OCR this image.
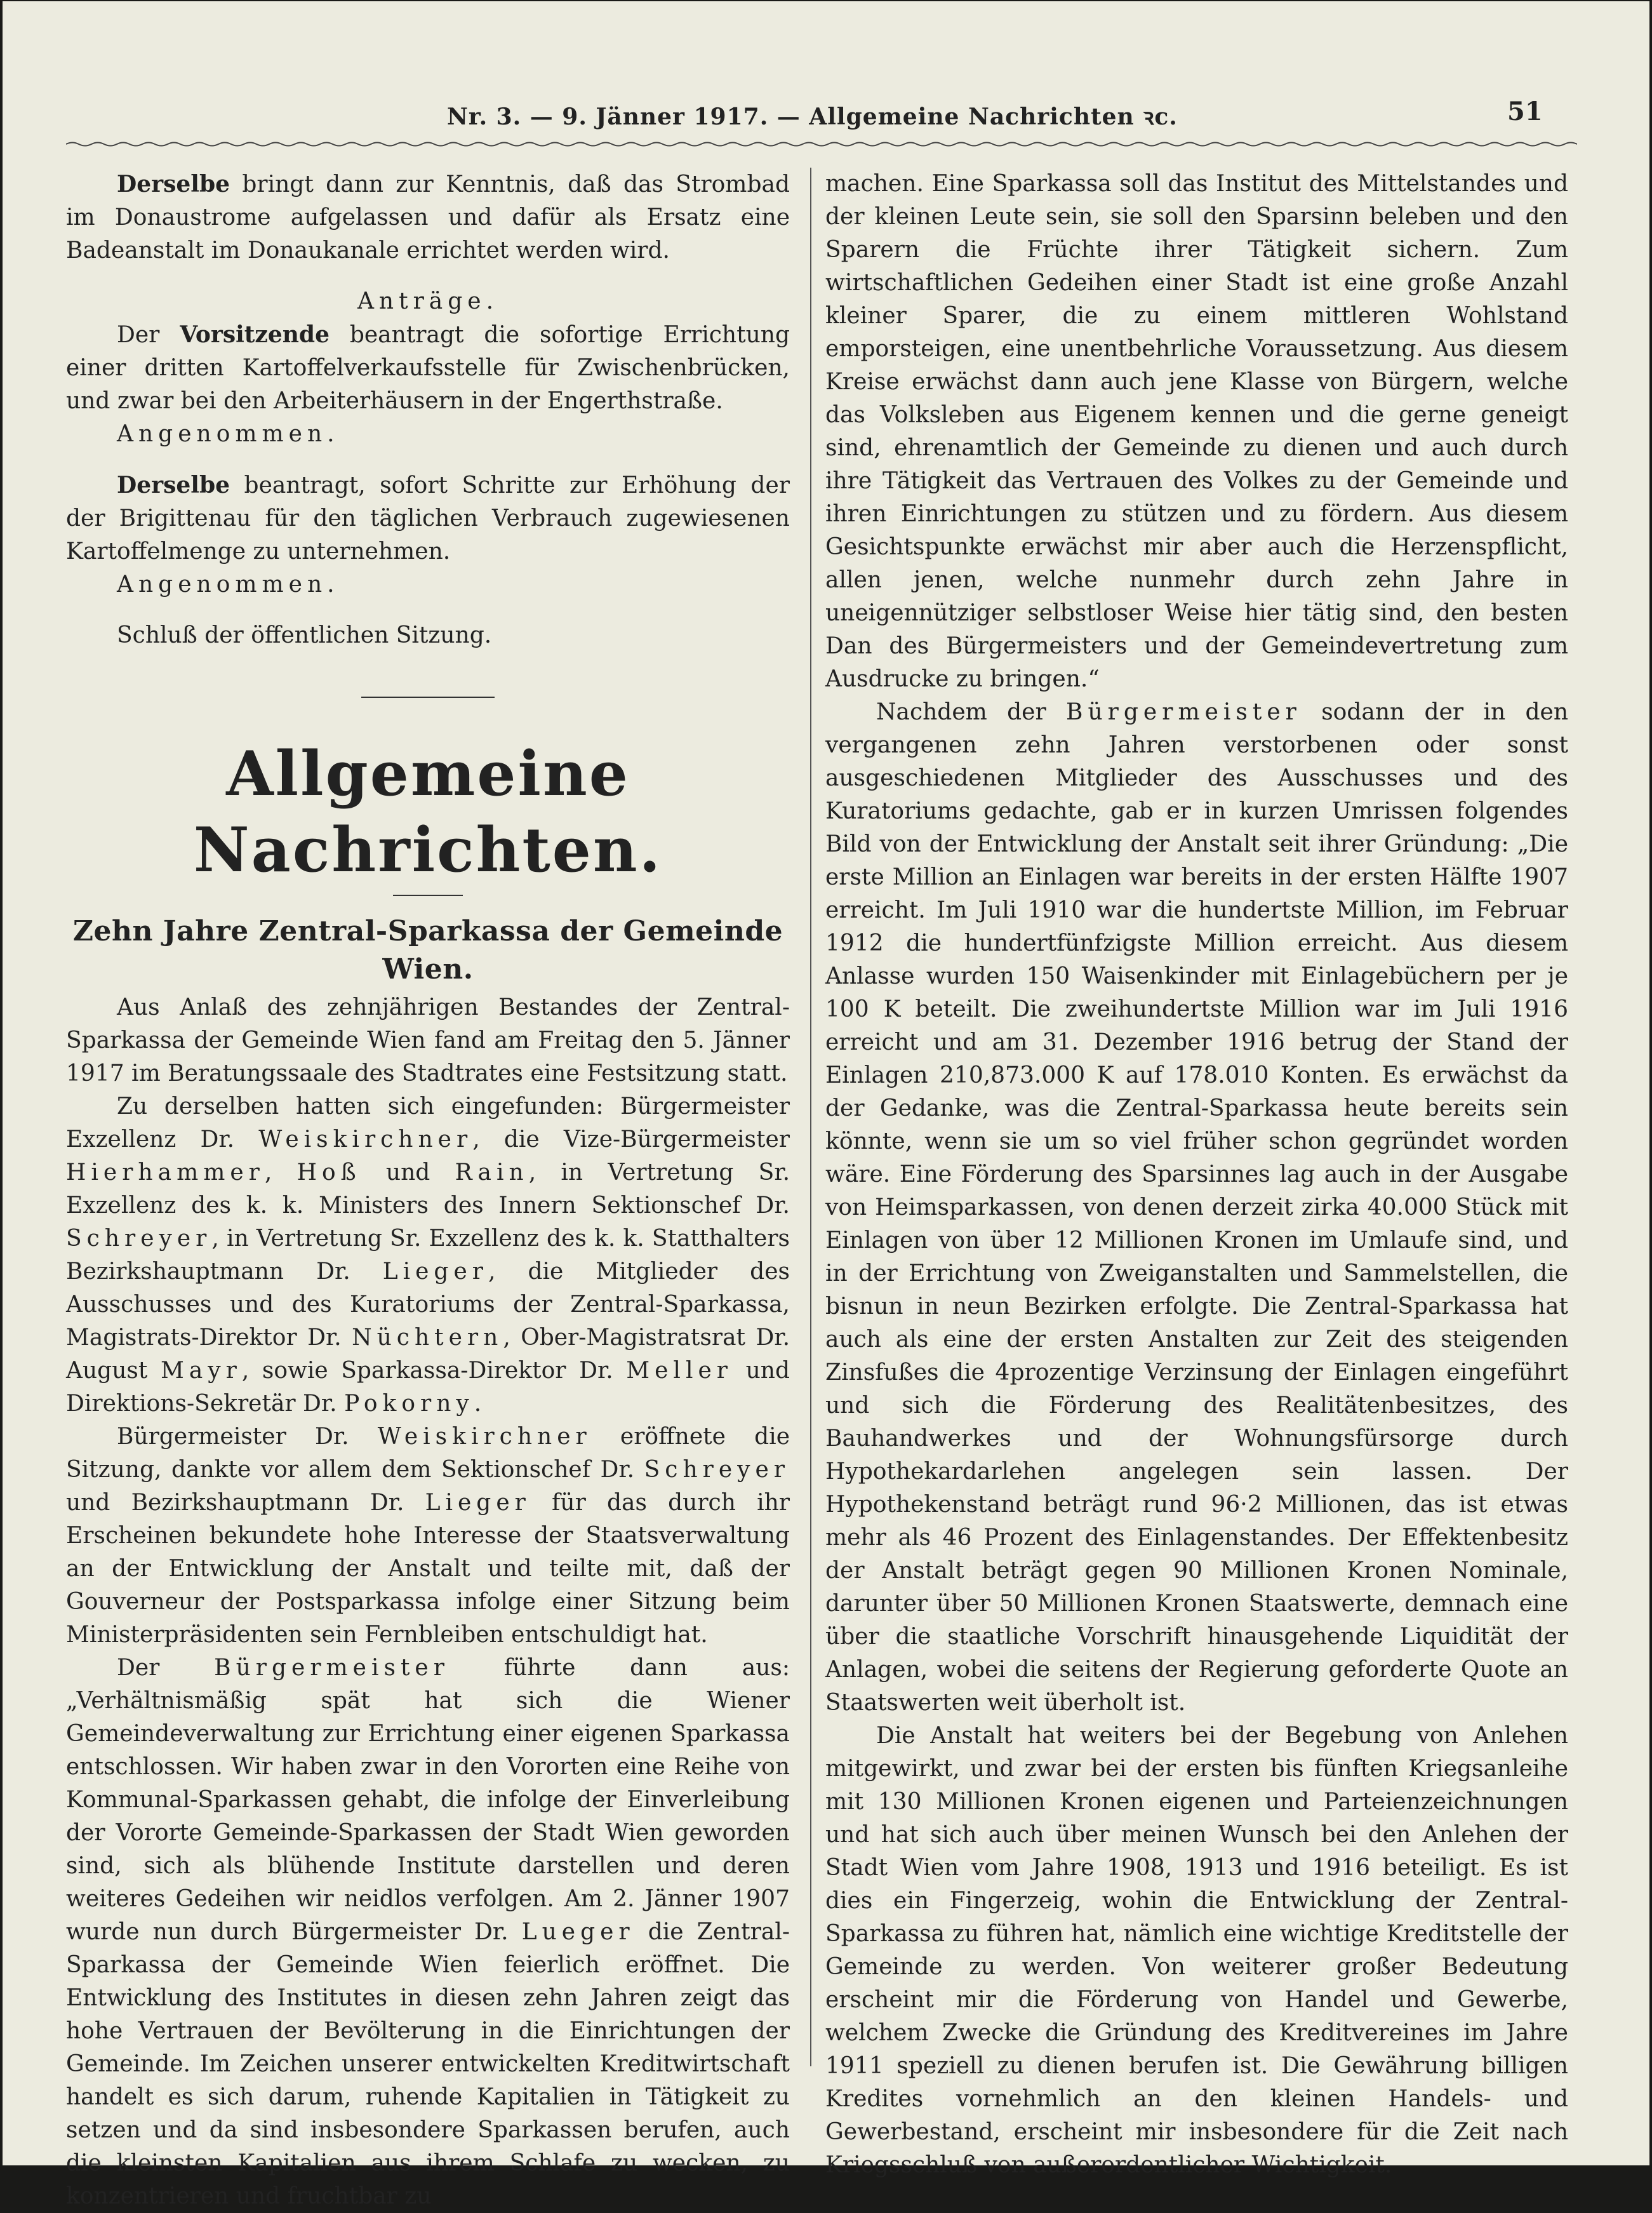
Nr. 3. — 9. Jänner 1917. — Allgemeine Nachrichten ꝛc.	51

Derselbe bringt dann zur Kenntnis, daß das Strombad im Donaustrome aufgelassen und dafür als Ersatz eine Badeanstalt im Donaukanale errichtet werden wird.

Anträge.

Der Vorsitzende beantragt die sofortige Errichtung einer dritten Kartoffelverkaufsstelle für Zwischenbrücken, und zwar bei den Arbeiterhäusern in der Engerthstraße.

Angenommen.

Derselbe beantragt, sofort Schritte zur Erhöhung der der Brigittenau für den täglichen Verbrauch zugewiesenen Kartoffelmenge zu unternehmen.

Angenommen.

Schluß der öffentlichen Sitzung.

Allgemeine Nachrichten.
Zehn Jahre Zentral-Sparkassa der Gemeinde Wien.

Aus Anlaß des zehnjährigen Bestandes der Zentral-Sparkassa der Gemeinde Wien fand am Freitag den 5. Jänner 1917 im Beratungssaale des Stadtrates eine Festsitzung statt.

Zu derselben hatten sich eingefunden: Bürgermeister Exzellenz Dr. Weiskirchner, die Vize-Bürgermeister Hierhammer, Hoß und Rain, in Vertretung Sr. Exzellenz des k. k. Ministers des Innern Sektionschef Dr. Schreyer, in Vertretung Sr. Exzellenz des k. k. Statthalters Bezirkshauptmann Dr. Lieger, die Mitglieder des Ausschusses und des Kuratoriums der Zentral-Sparkassa, Magistrats-Direktor Dr. Nüchtern, Ober-Magistratsrat Dr. August Mayr, sowie Sparkassa-Direktor Dr. Meller und Direktions-Sekretär Dr. Pokorny.

Bürgermeister Dr. Weiskirchner eröffnete die Sitzung, dankte vor allem dem Sektionschef Dr. Schreyer und Bezirkshauptmann Dr. Lieger für das durch ihr Erscheinen bekundete hohe Interesse der Staatsverwaltung an der Entwicklung der Anstalt und teilte mit, daß der Gouverneur der Postsparkassa infolge einer Sitzung beim Ministerpräsidenten sein Fernbleiben entschuldigt hat.

Der Bürgermeister führte dann aus: „Verhältnismäßig spät hat sich die Wiener Gemeindeverwaltung zur Errichtung einer eigenen Sparkassa entschlossen. Wir haben zwar in den Vororten eine Reihe von Kommunal-Sparkassen gehabt, die infolge der Einverleibung der Vororte Gemeinde-Sparkassen der Stadt Wien geworden sind, sich als blühende Institute darstellen und deren weiteres Gedeihen wir neidlos verfolgen. Am 2. Jänner 1907 wurde nun durch Bürgermeister Dr. Lueger die Zentral-Sparkassa der Gemeinde Wien feierlich eröffnet. Die Entwicklung des Institutes in diesen zehn Jahren zeigt das hohe Vertrauen der Bevölterung in die Einrichtungen der Gemeinde. Im Zeichen unserer entwickelten Kreditwirtschaft handelt es sich darum, ruhende Kapitalien in Tätigkeit zu setzen und da sind insbesondere Sparkassen berufen, auch die kleinsten Kapitalien aus ihrem Schlafe zu wecken, zu konzentrieren und fruchtbar zu

machen. Eine Sparkassa soll das Institut des Mittelstandes und der kleinen Leute sein, sie soll den Sparsinn beleben und den Sparern die Früchte ihrer Tätigkeit sichern. Zum wirtschaftlichen Gedeihen einer Stadt ist eine große Anzahl kleiner Sparer, die zu einem mittleren Wohlstand emporsteigen, eine unentbehrliche Voraussetzung. Aus diesem Kreise erwächst dann auch jene Klasse von Bürgern, welche das Volksleben aus Eigenem kennen und die gerne geneigt sind, ehrenamtlich der Gemeinde zu dienen und auch durch ihre Tätigkeit das Vertrauen des Volkes zu der Gemeinde und ihren Einrichtungen zu stützen und zu fördern. Aus diesem Gesichtspunkte erwächst mir aber auch die Herzenspflicht, allen jenen, welche nunmehr durch zehn Jahre in uneigennütziger selbstloser Weise hier tätig sind, den besten Dan des Bürgermeisters und der Gemeindevertretung zum Ausdrucke zu bringen.“

Nachdem der Bürgermeister sodann der in den vergangenen zehn Jahren verstorbenen oder sonst ausgeschiedenen Mitglieder des Ausschusses und des Kuratoriums gedachte, gab er in kurzen Umrissen folgendes Bild von der Entwicklung der Anstalt seit ihrer Gründung: „Die erste Million an Einlagen war bereits in der ersten Hälfte 1907 erreicht. Im Juli 1910 war die hundertste Million, im Februar 1912 die hundertfünfzigste Million erreicht. Aus diesem Anlasse wurden 150 Waisenkinder mit Einlagebüchern per je 100 K beteilt. Die zweihundertste Million war im Juli 1916 erreicht und am 31. Dezember 1916 betrug der Stand der Einlagen 210,873.000 K auf 178.010 Konten. Es erwächst da der Gedanke, was die Zentral-Sparkassa heute bereits sein könnte, wenn sie um so viel früher schon gegründet worden wäre. Eine Förderung des Sparsinnes lag auch in der Ausgabe von Heimsparkassen, von denen derzeit zirka 40.000 Stück mit Einlagen von über 12 Millionen Kronen im Umlaufe sind, und in der Errichtung von Zweiganstalten und Sammelstellen, die bisnun in neun Bezirken erfolgte. Die Zentral-Sparkassa hat auch als eine der ersten Anstalten zur Zeit des steigenden Zinsfußes die 4prozentige Verzinsung der Einlagen eingeführt und sich die Förderung des Realitätenbesitzes, des Bauhandwerkes und der Wohnungsfürsorge durch Hypothekardarlehen angelegen sein lassen. Der Hypothekenstand beträgt rund 96·2 Millionen, das ist etwas mehr als 46 Prozent des Einlagenstandes. Der Effektenbesitz der Anstalt beträgt gegen 90 Millionen Kronen Nominale, darunter über 50 Millionen Kronen Staatswerte, demnach eine über die staatliche Vorschrift hinausgehende Liquidität der Anlagen, wobei die seitens der Regierung geforderte Quote an Staatswerten weit überholt ist.

Die Anstalt hat weiters bei der Begebung von Anlehen mitgewirkt, und zwar bei der ersten bis fünften Kriegsanleihe mit 130 Millionen Kronen eigenen und Parteienzeichnungen und hat sich auch über meinen Wunsch bei den Anlehen der Stadt Wien vom Jahre 1908, 1913 und 1916 beteiligt. Es ist dies ein Fingerzeig, wohin die Entwicklung der Zentral-Sparkassa zu führen hat, nämlich eine wichtige Kreditstelle der Gemeinde zu werden. Von weiterer großer Bedeutung erscheint mir die Förderung von Handel und Gewerbe, welchem Zwecke die Gründung des Kreditvereines im Jahre 1911 speziell zu dienen berufen ist. Die Gewährung billigen Kredites vornehmlich an den kleinen Handels- und Gewerbestand, erscheint mir insbesondere für die Zeit nach Kriegsschluß von außerordentlicher Wichtigkeit.
